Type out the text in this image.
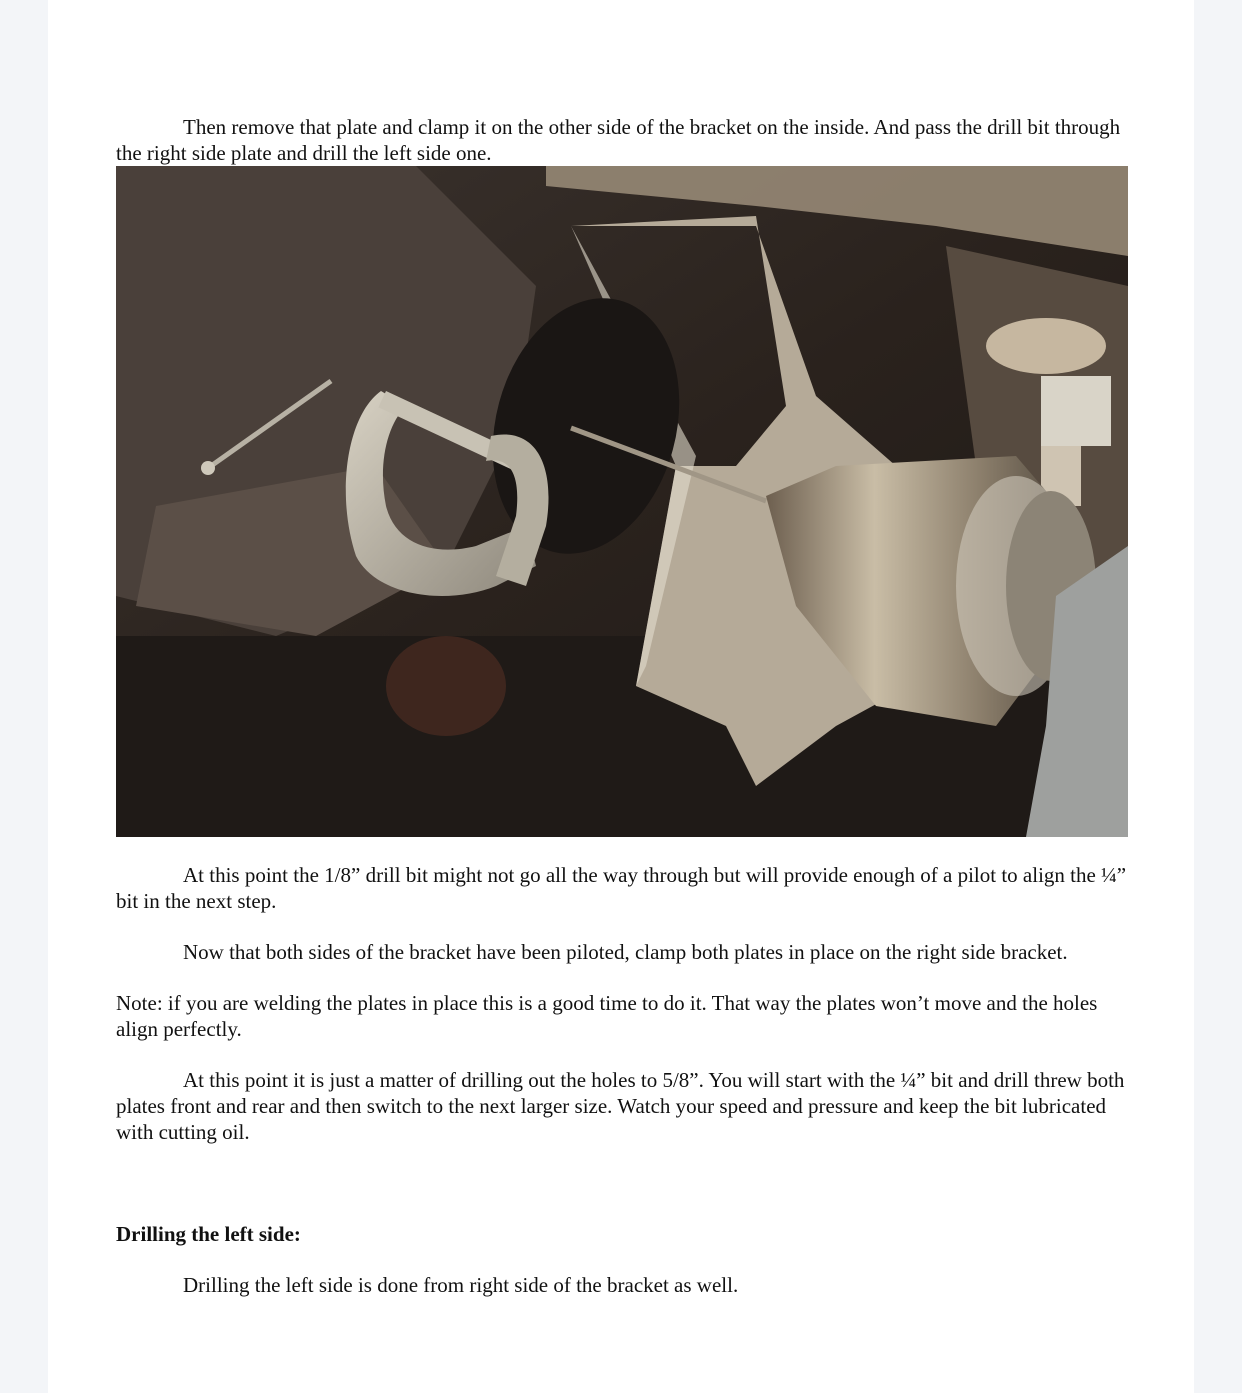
Then remove that plate and clamp it on the other side of the bracket on the inside. And pass the drill bit through the right side plate and drill the left side one.

At this point the 1/8” drill bit might not go all the way through but will provide enough of a pilot to align the ¼” bit in the next step.

Now that both sides of the bracket have been piloted, clamp both plates in place on the right side bracket.

Note: if you are welding the plates in place this is a good time to do it. That way the plates won’t move and the holes align perfectly.

At this point it is just a matter of drilling out the holes to 5/8”. You will start with the ¼” bit and drill threw both plates front and rear and then switch to the next larger size. Watch your speed and pressure and keep the bit lubricated with cutting oil.

Drilling the left side:

Drilling the left side is done from right side of the bracket as well.
